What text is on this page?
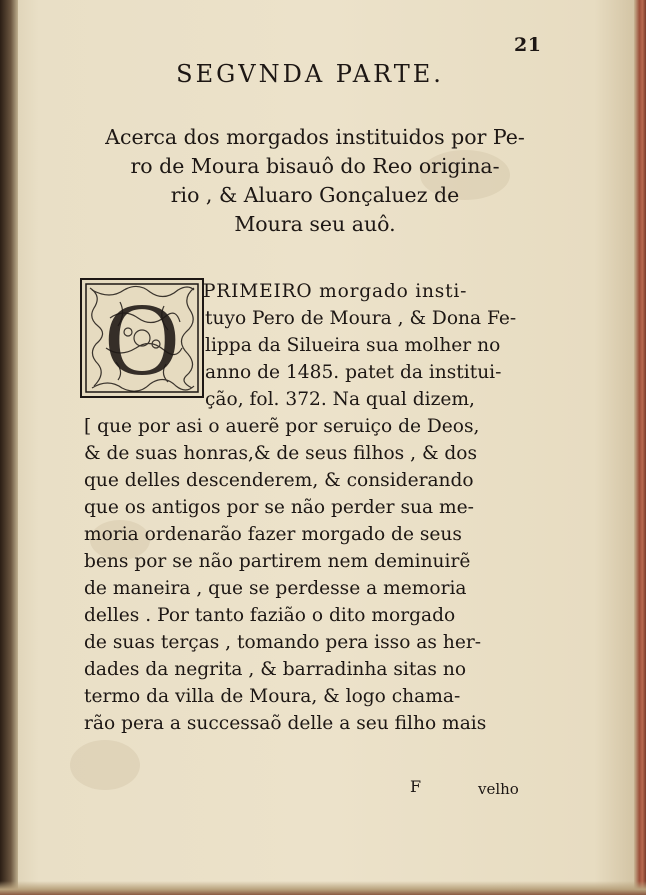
21
SEGVNDA PARTE.
Acerca dos morgados instituidos por Pe-
ro de Moura bisauô do Reo origina-
rio , & Aluaro Gonçaluez de
Moura seu auô.
O PRIMEIRO morgado insti-
tuyo Pero de Moura , & Dona Fe-
lippa da Silueira sua molher no
anno de 1485. patet da institui-
ção, fol. 372. Na qual dizem,
[ que por asi o auerẽ por seruiço de Deos,
& de suas honras,& de seus filhos , & dos
que delles descenderem, & considerando
que os antigos por se não perder sua me-
moria ordenarão fazer morgado de seus
bens por se não partirem nem deminuirẽ
de maneira , que se perdesse a memoria
delles . Por tanto fazião o dito morgado
de suas terças , tomando pera isso as her-
dades da negrita , & barradinha sitas no
termo da villa de Moura, & logo chama-
rão pera a successaõ delle a seu filho mais
F	velho
